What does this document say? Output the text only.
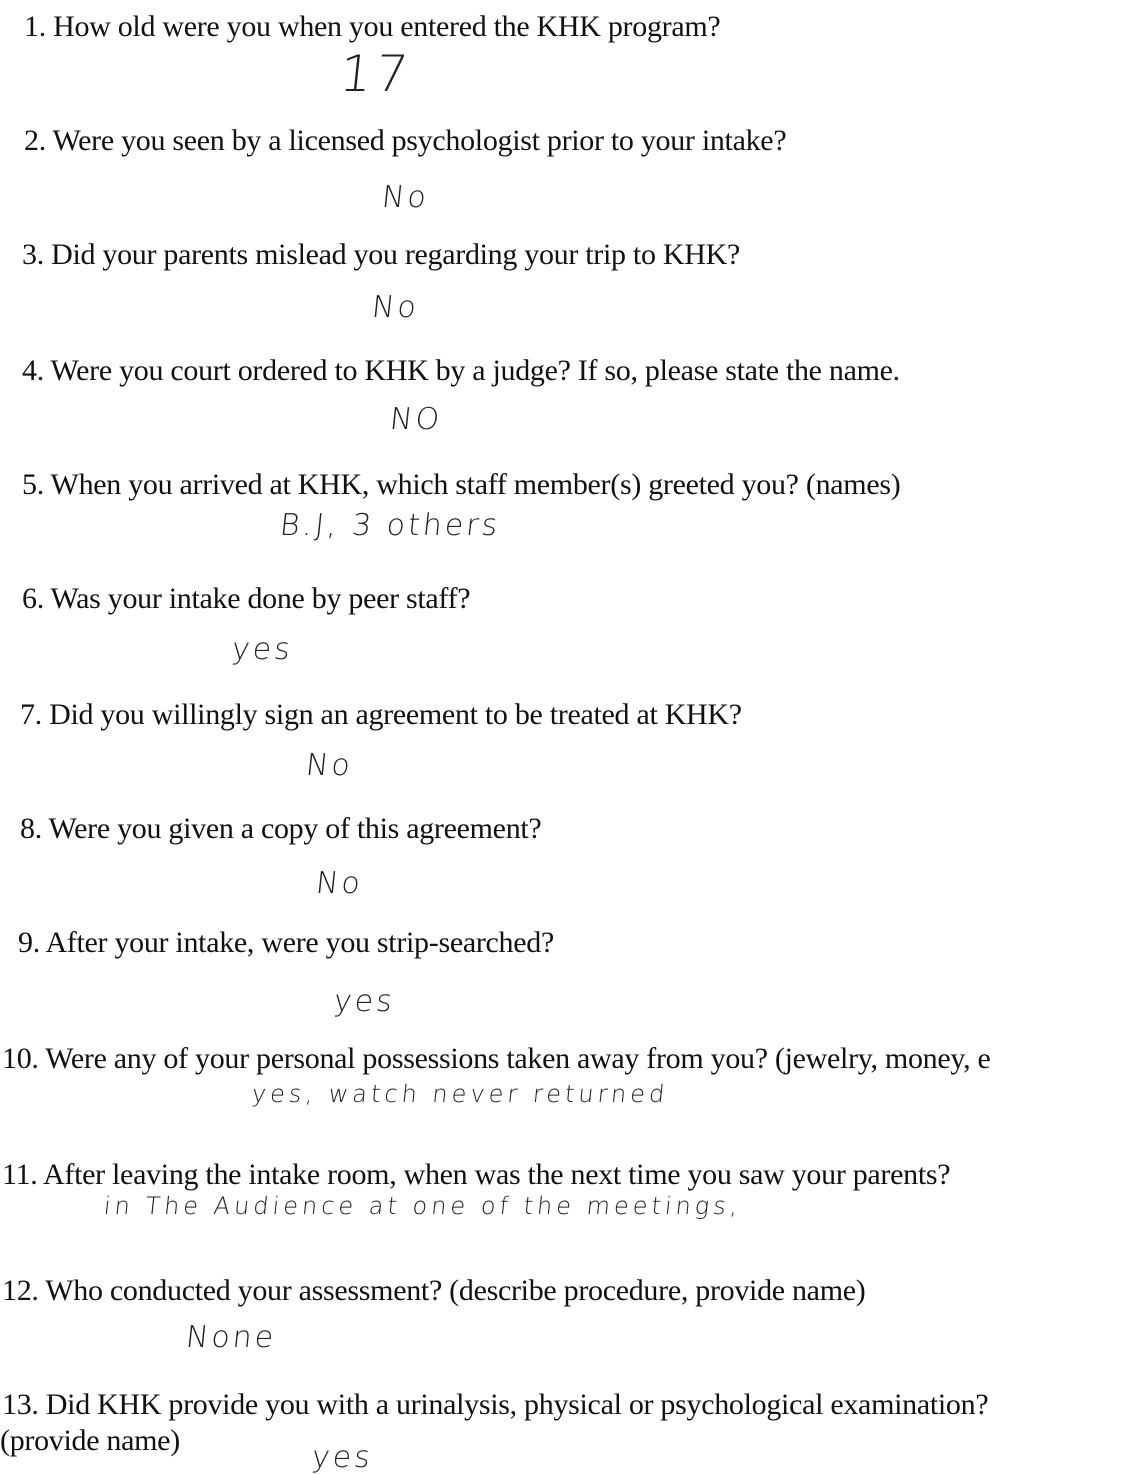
1. How old were you when you entered the KHK program?
17
2. Were you seen by a licensed psychologist prior to your intake?
No
3. Did your parents mislead you regarding your trip to KHK?
No
4. Were you court ordered to KHK by a judge? If so, please state the name.
NO
5. When you arrived at KHK, which staff member(s) greeted you? (names)
B.J, 3 others
6. Was your intake done by peer staff?
yes
7. Did you willingly sign an agreement to be treated at KHK?
No
8. Were you given a copy of this agreement?
No
9. After your intake, were you strip-searched?
yes
10. Were any of your personal possessions taken away from you? (jewelry, money, e
yes, watch never returned
11. After leaving the intake room, when was the next time you saw your parents?
in The Audience at one of the meetings,
12. Who conducted your assessment? (describe procedure, provide name)
None
13. Did KHK provide you with a urinalysis, physical or psychological examination?
(provide name)	yes
